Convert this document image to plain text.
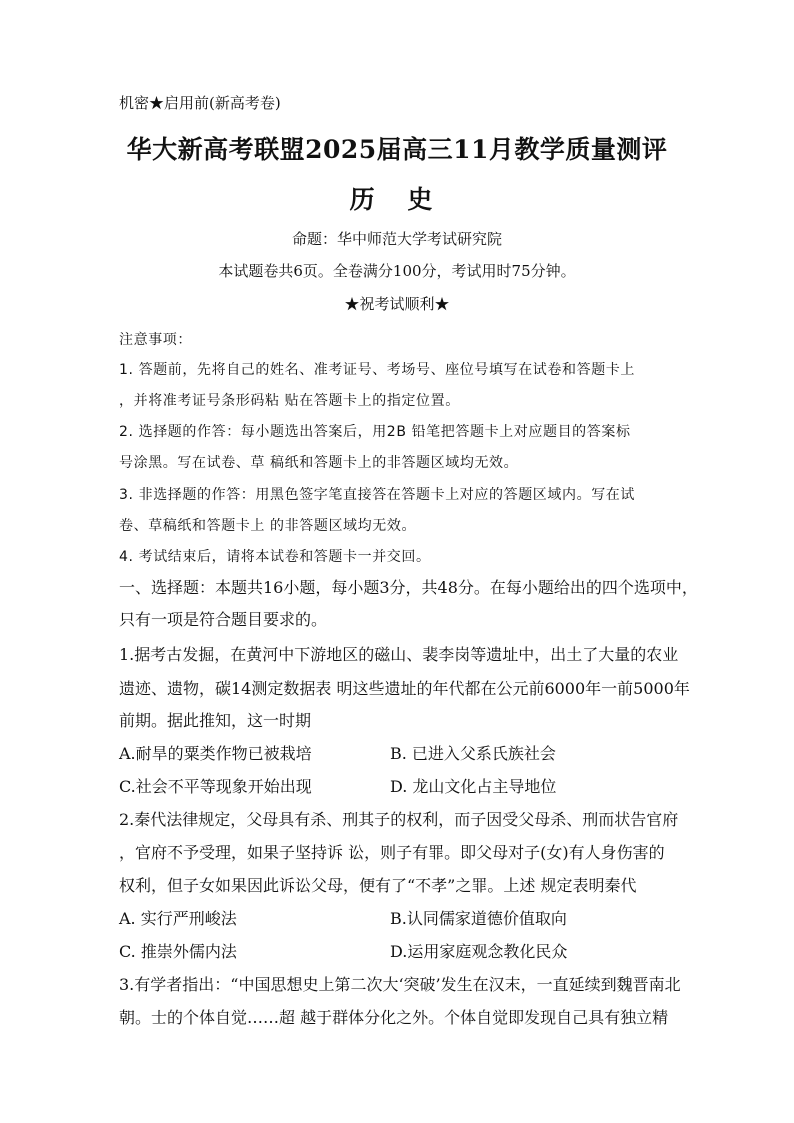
机密★启用前(新高考卷)
华大新高考联盟2025届高三11月教学质量测评
历 史
命题：华中师范大学考试研究院
本试题卷共6页。全卷满分100分，考试用时75分钟。
★祝考试顺利★
注意事项：
1. 答题前，先将自己的姓名、准考证号、考场号、座位号填写在试卷和答题卡上
，并将准考证号条形码粘 贴在答题卡上的指定位置。
2. 选择题的作答：每小题选出答案后，用2B 铅笔把答题卡上对应题目的答案标
号涂黑。写在试卷、草 稿纸和答题卡上的非答题区域均无效。
3. 非选择题的作答：用黑色签字笔直接答在答题卡上对应的答题区域内。写在试
卷、草稿纸和答题卡上 的非答题区域均无效。
4. 考试结束后，请将本试卷和答题卡一并交回。
一、选择题：本题共16小题，每小题3分，共48分。在每小题给出的四个选项中，
只有一项是符合题目要求的。
1.据考古发掘，在黄河中下游地区的磁山、裴李岗等遗址中，出土了大量的农业
遗迹、遗物，碳14测定数据表 明这些遗址的年代都在公元前6000年一前5000年
前期。据此推知，这一时期
A.耐旱的粟类作物已被栽培	B. 已进入父系氏族社会
C.社会不平等现象开始出现	D. 龙山文化占主导地位
2.秦代法律规定，父母具有杀、刑其子的权利，而子因受父母杀、刑而状告官府
，官府不予受理，如果子坚持诉 讼，则子有罪。即父母对子(女)有人身伤害的
权利，但子女如果因此诉讼父母，便有了“不孝”之罪。上述 规定表明秦代
A. 实行严刑峻法	B.认同儒家道德价值取向
C. 推崇外儒内法	D.运用家庭观念教化民众
3.有学者指出：“中国思想史上第二次大‘突破’发生在汉末，一直延续到魏晋南北
朝。士的个体自觉……超 越于群体分化之外。个体自觉即发现自己具有独立精
